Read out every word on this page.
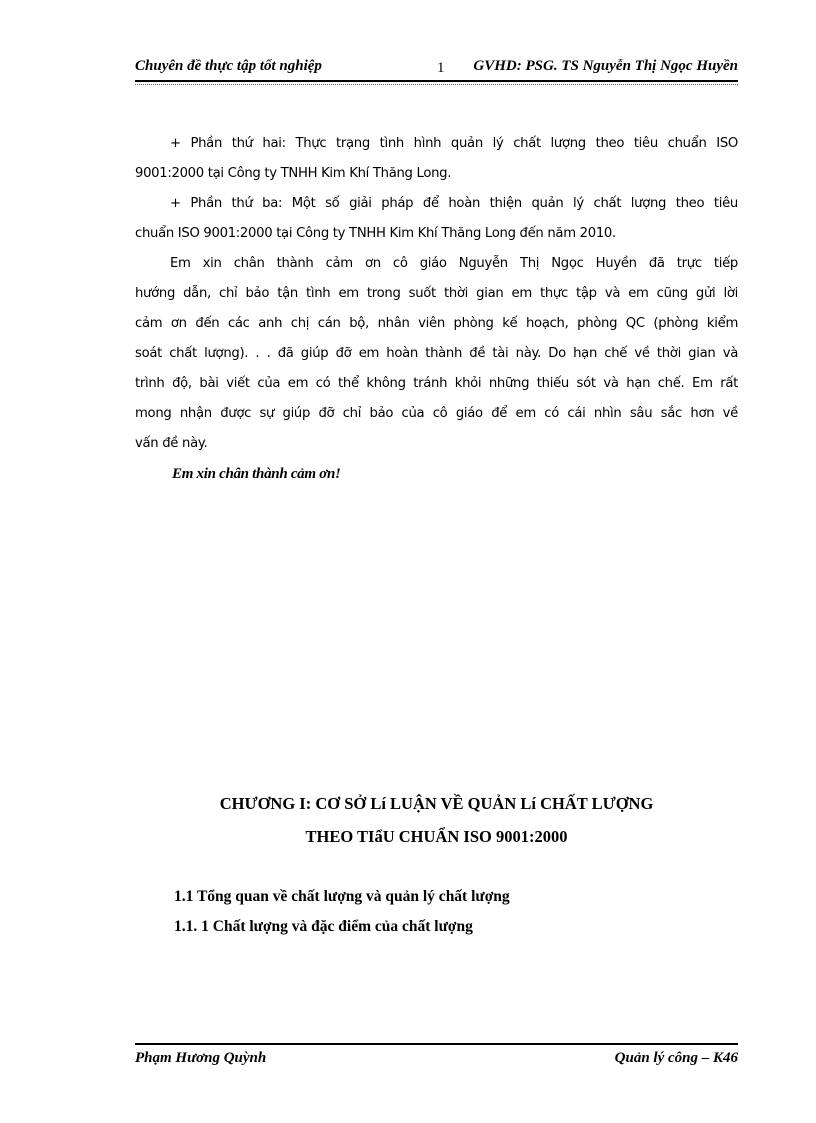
Chuyên đề thực tập tốt nghiệp	1 GVHD: PSG. TS Nguyễn Thị Ngọc Huyền
+ Phần thứ hai: Thực trạng tình hình quản lý chất lượng theo tiêu chuẩn ISO
9001:2000 tại Công ty TNHH Kim Khí Thăng Long.
+ Phần thứ ba: Một số giải pháp để hoàn thiện quản lý chất lượng theo tiêu
chuẩn ISO 9001:2000 tại Công ty TNHH Kim Khí Thăng Long đến năm 2010.
Em xin chân thành cảm ơn cô giáo Nguyễn Thị Ngọc Huyền đã trực tiếp
hướng dẫn, chỉ bảo tận tình em trong suốt thời gian em thực tập và em cũng gửi lời
cảm ơn đến các anh chị cán bộ, nhân viên phòng kế hoạch, phòng QC (phòng kiểm
soát chất lượng). . . đã giúp đỡ em hoàn thành đề tài này. Do hạn chế về thời gian và
trình độ, bài viết của em có thể không tránh khỏi những thiếu sót và hạn chế. Em rất
mong nhận được sự giúp đỡ chỉ bảo của cô giáo để em có cái nhìn sâu sắc hơn về
vấn đề này.
Em xin chân thành cảm ơn!
CHƯƠNG I: CƠ SỞ Lí LUẬN VỀ QUẢN Lí CHẤT LƯỢNG
THEO TIẩU CHUẨN ISO 9001:2000
1.1 Tổng quan về chất lượng và quản lý chất lượng
1.1. 1 Chất lượng và đặc điểm của chất lượng
Phạm Hương Quỳnh	Quản lý công – K46
